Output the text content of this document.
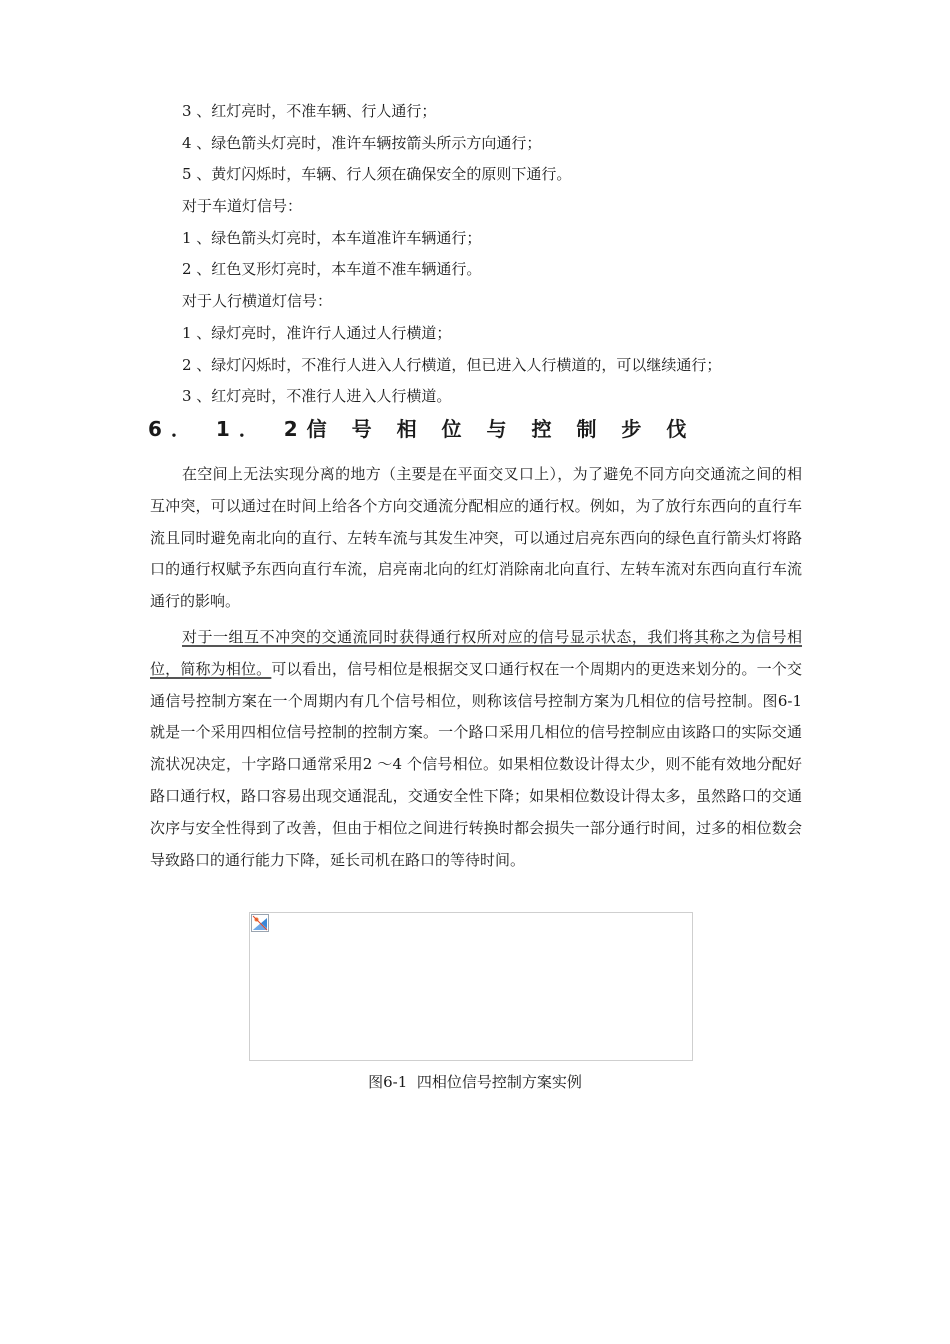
3 、红灯亮时，不准车辆、行人通行；
4 、绿色箭头灯亮时，准许车辆按箭头所示方向通行；
5 、黄灯闪烁时，车辆、行人须在确保安全的原则下通行。
对于车道灯信号：
1 、绿色箭头灯亮时，本车道准许车辆通行；
2 、红色叉形灯亮时，本车道不准车辆通行。
对于人行横道灯信号：
1 、绿灯亮时，准许行人通过人行横道；
2 、绿灯闪烁时，不准行人进入人行横道，但已进入人行横道的，可以继续通行；
3 、红灯亮时，不准行人进入人行横道。
6． 1． 2信 号 相 位 与 控 制 步 伐

在空间上无法实现分离的地方（主要是在平面交叉口上），为了避免不同方向交通流之间的相互冲突，可以通过在时间上给各个方向交通流分配相应的通行权。例如，为了放行东西向的直行车流且同时避免南北向的直行、左转车流与其发生冲突，可以通过启亮东西向的绿色直行箭头灯将路口的通行权赋予东西向直行车流，启亮南北向的红灯消除南北向直行、左转车流对东西向直行车流通行的影响。

对于一组互不冲突的交通流同时获得通行权所对应的信号显示状态，我们将其称之为信号相位，简称为相位。可以看出，信号相位是根据交叉口通行权在一个周期内的更迭来划分的。一个交通信号控制方案在一个周期内有几个信号相位，则称该信号控制方案为几相位的信号控制。图6-1 就是一个采用四相位信号控制的控制方案。一个路口采用几相位的信号控制应由该路口的实际交通流状况决定，十字路口通常采用2 ～4 个信号相位。如果相位数设计得太少，则不能有效地分配好路口通行权，路口容易出现交通混乱，交通安全性下降；如果相位数设计得太多，虽然路口的交通次序与安全性得到了改善，但由于相位之间进行转换时都会损失一部分通行时间，过多的相位数会导致路口的通行能力下降，延长司机在路口的等待时间。

图6-1  四相位信号控制方案实例
